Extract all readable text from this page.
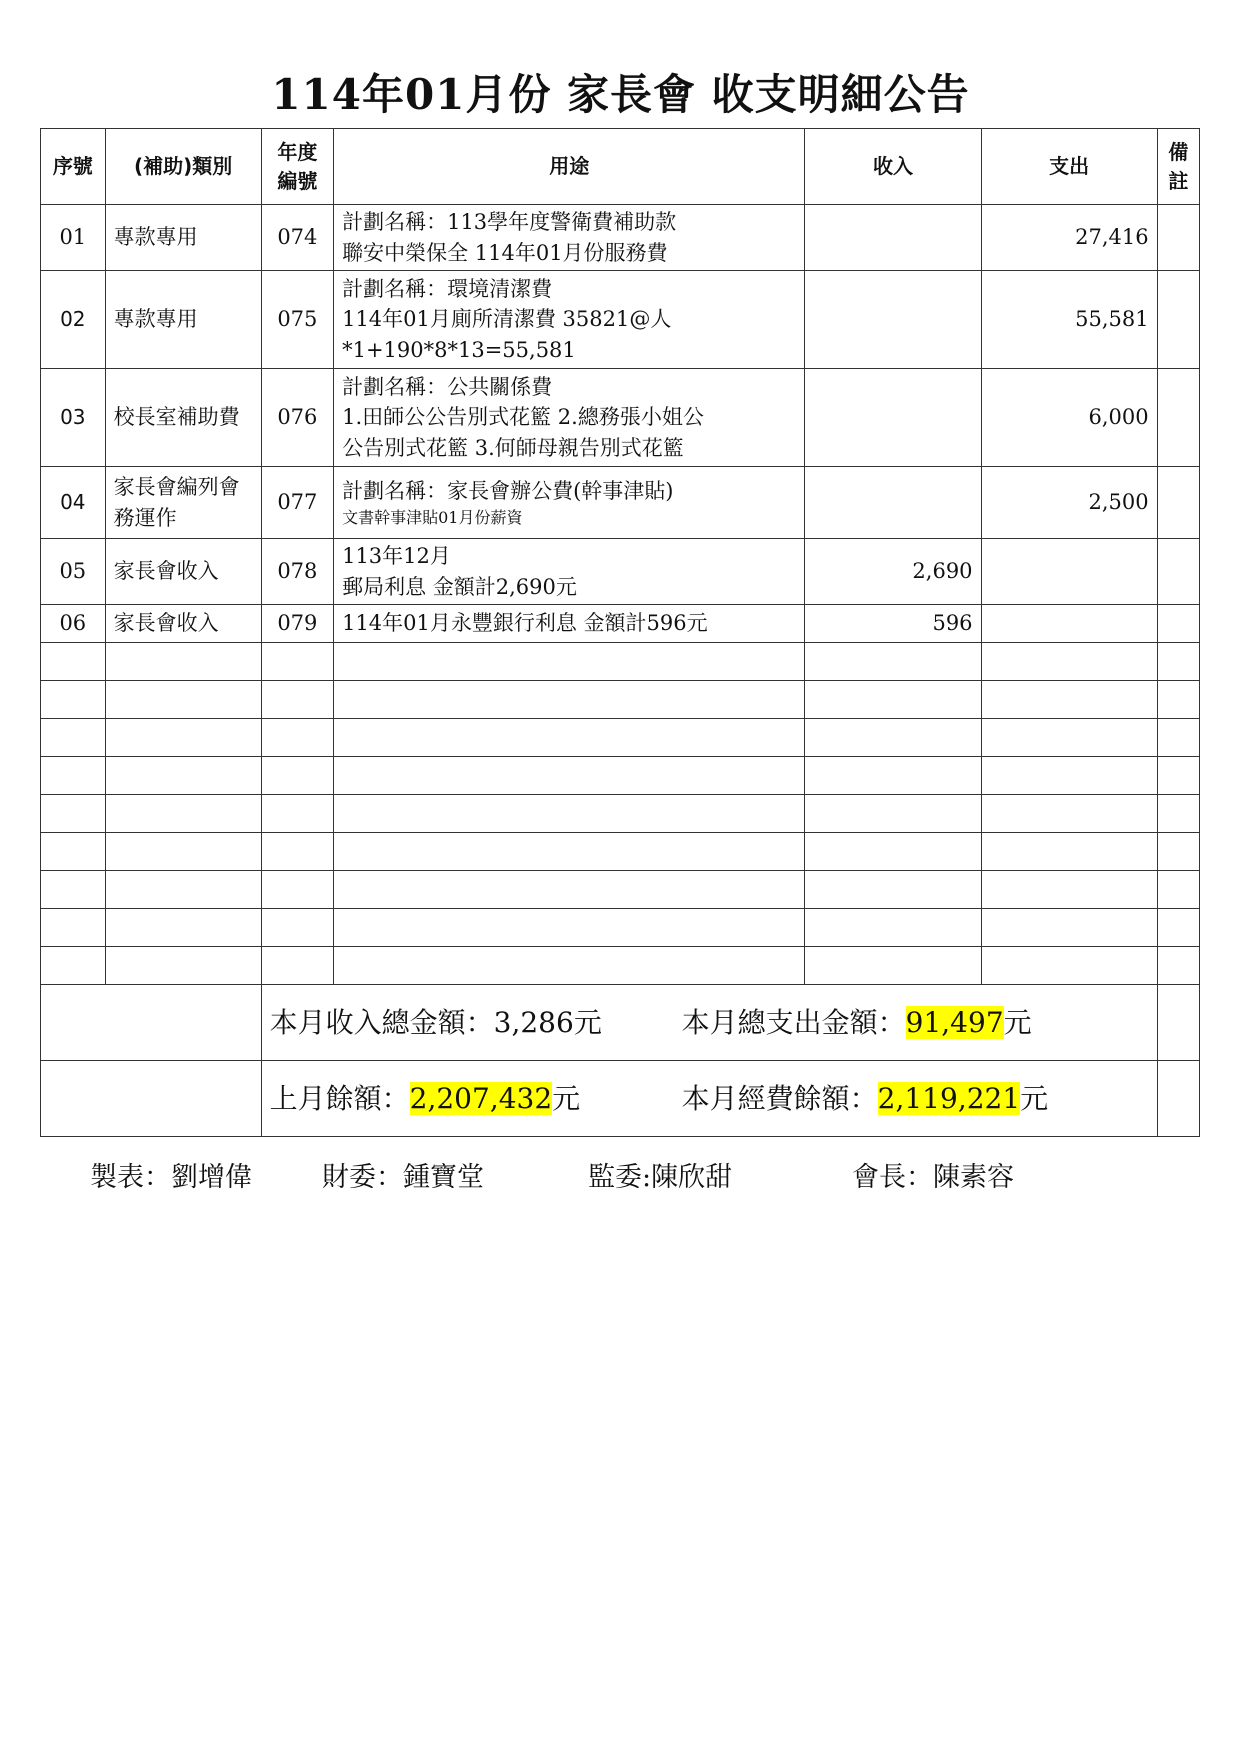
114年01月份 家長會 收支明細公告
序號	(補助)類別	年度編號	用途	收入	支出	備註
01	專款專用	074	計劃名稱：113學年度警衛費補助款
聯安中榮保全 114年01月份服務費		27,416	
02	專款專用	075	計劃名稱：環境清潔費
114年01月廁所清潔費 35821@人
*1+190*8*13=55,581		55,581	
03	校長室補助費	076	計劃名稱：公共關係費
1.田師公公告別式花籃 2.總務張小姐公
公告別式花籃 3.何師母親告別式花籃		6,000	
04	家長會編列會務運作	077	計劃名稱：家長會辦公費(幹事津貼)
文書幹事津貼01月份薪資		2,500	
05	家長會收入	078	113年12月
郵局利息 金額計2,690元	2,690		
06	家長會收入	079	114年01月永豐銀行利息 金額計596元	596		

		本月收入總金額：3,286元 本月總支出金額：91,497元				

		上月餘額：2,207,432元 本月經費餘額：2,119,221元				

製表：劉增偉	財委：鍾寶堂	監委:陳欣甜	會長：陳素容
